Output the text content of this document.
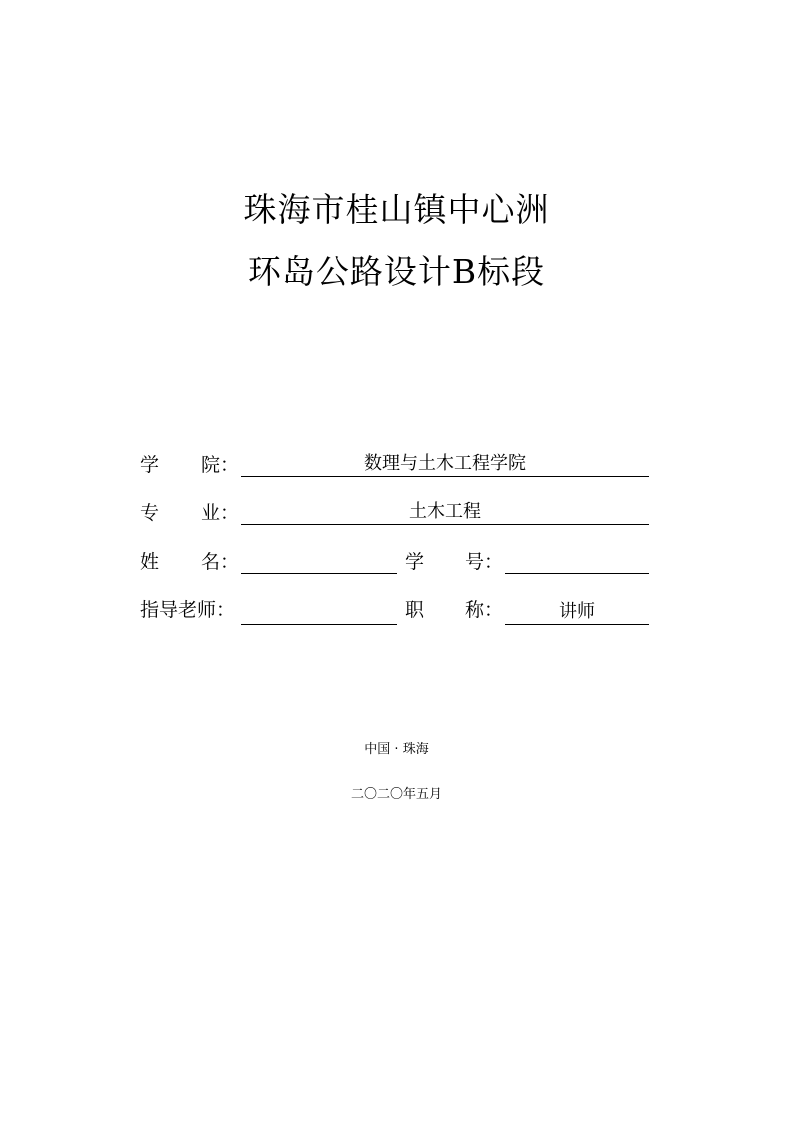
珠海市桂山镇中心洲
环岛公路设计B标段
学 院：	数理与土木工程学院
专 业：	土木工程
姓 名：	学 号：
指导老师：	职 称：	讲师
中国 · 珠海
二〇二〇年五月
